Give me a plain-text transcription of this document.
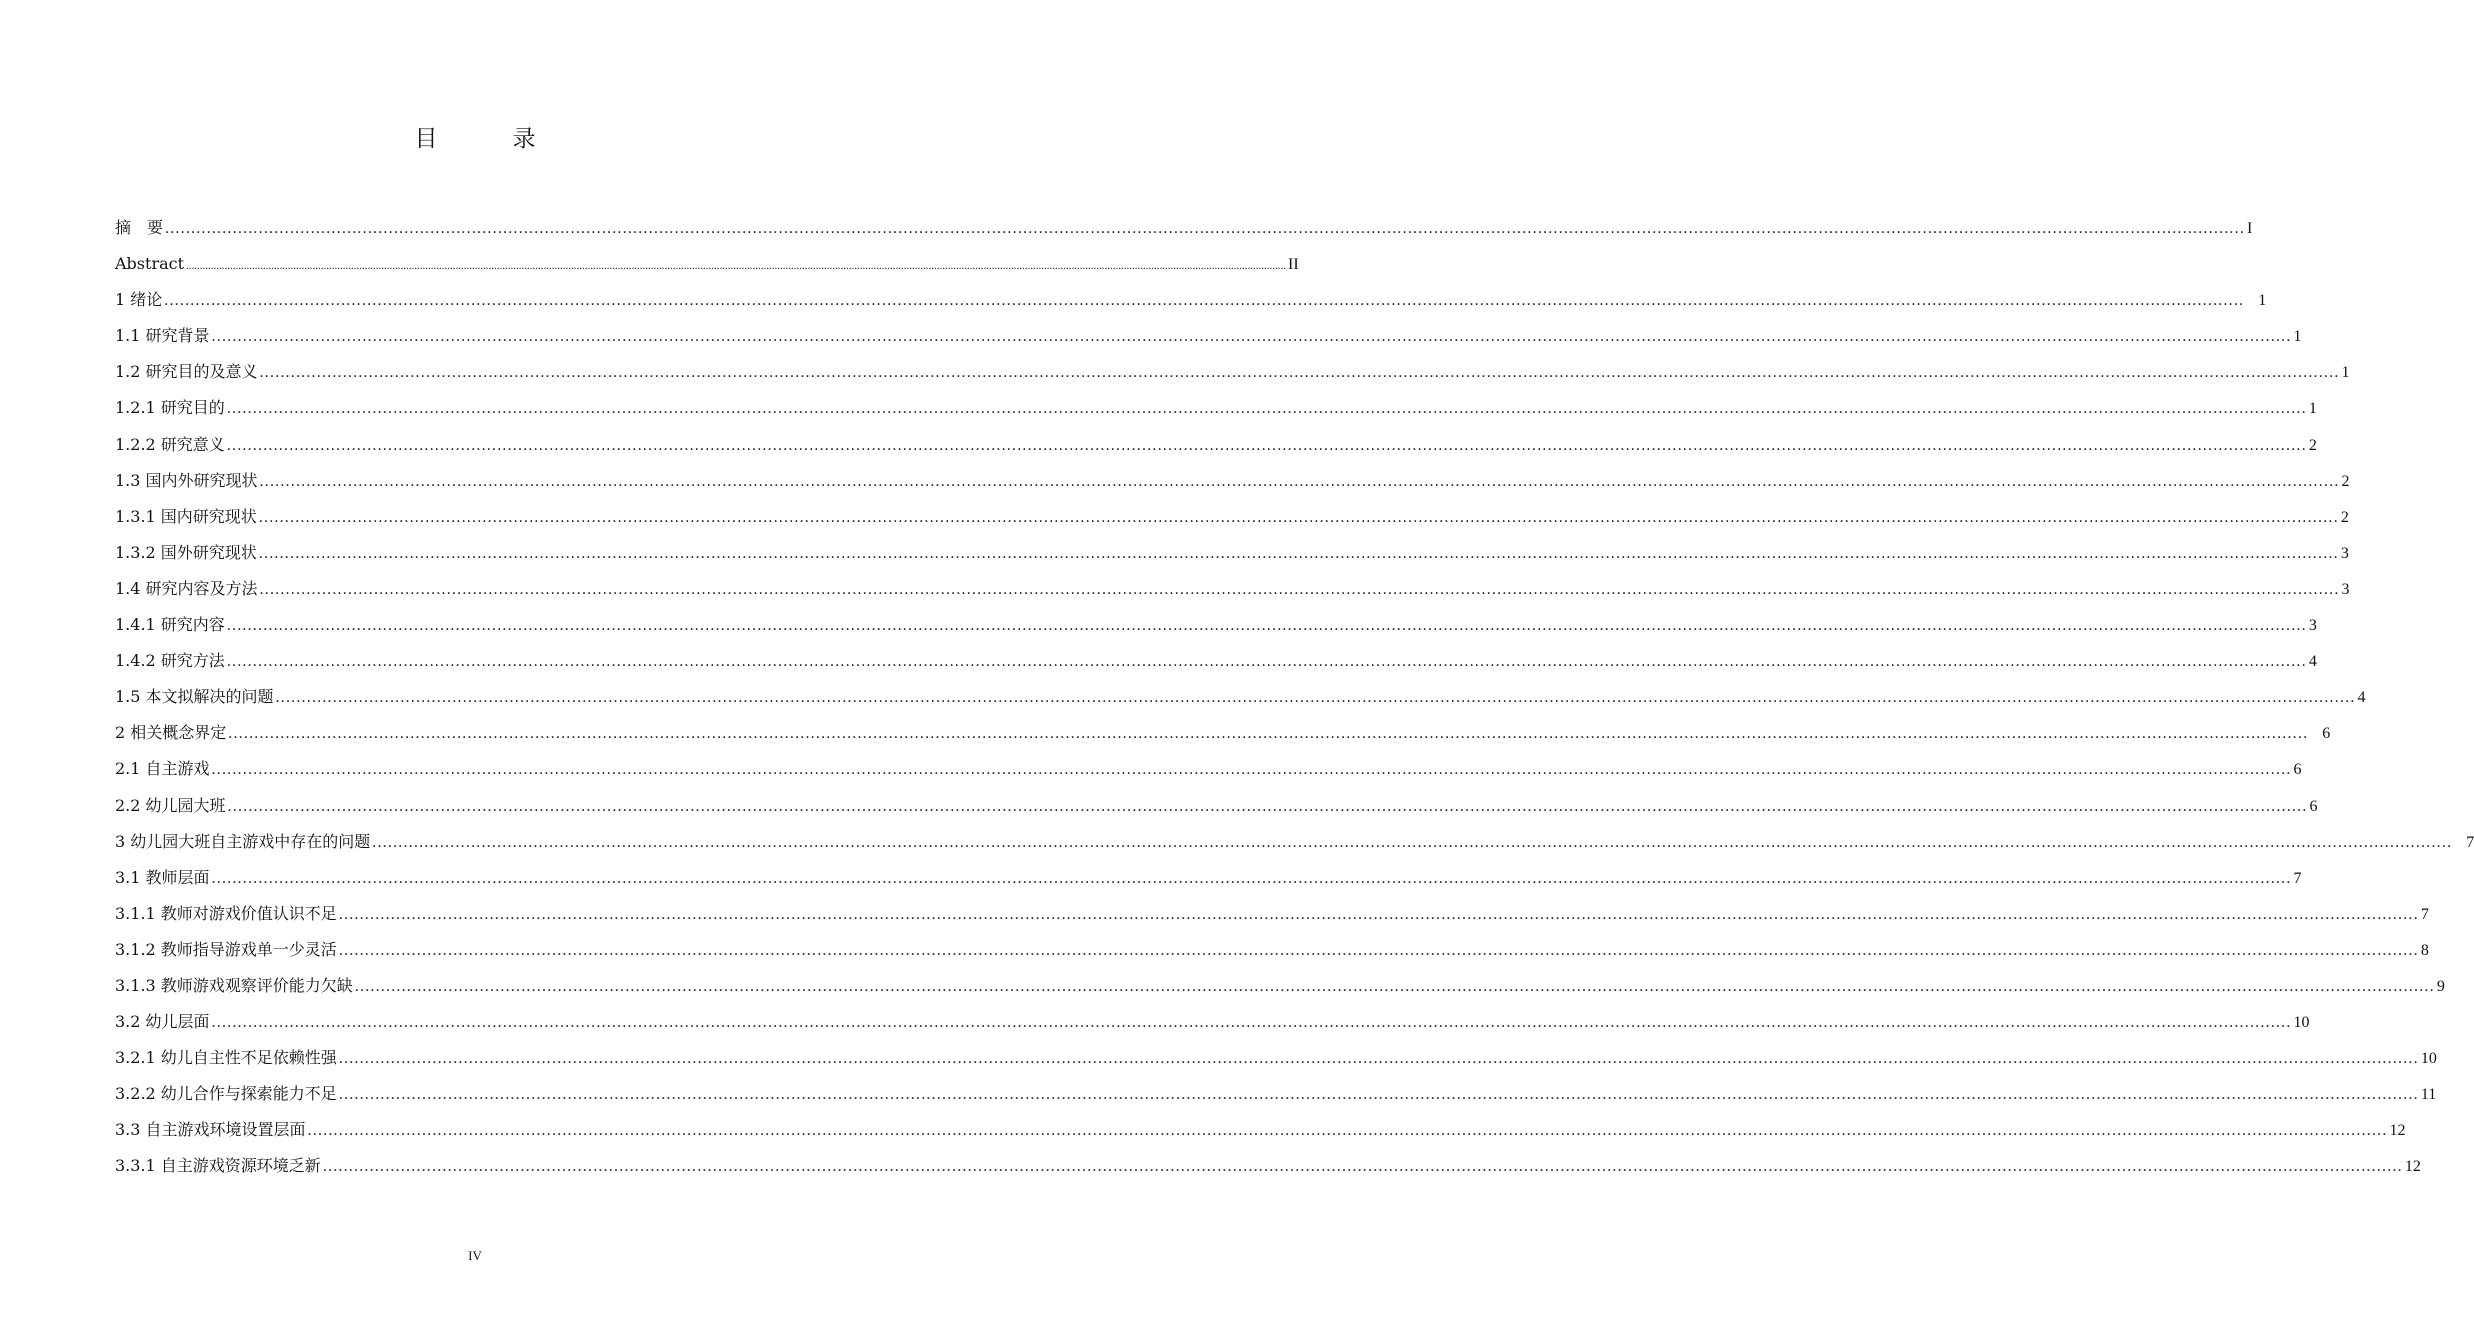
目　录
摘　要 ................................................................................................................................................................................................................................................................................................................................................................................................................ I
Abstract ................................................................................................................................................................................................................................................................................................................................................................................................................ II
1 绪论 ................................................................................................................................................................................................................................................................................................................................................................................................................ 1
1.1 研究背景 ................................................................................................................................................................................................................................................................................................................................................................................................................ 1
1.2 研究目的及意义 ................................................................................................................................................................................................................................................................................................................................................................................................................ 1
1.2.1 研究目的 ................................................................................................................................................................................................................................................................................................................................................................................................................ 1
1.2.2 研究意义 ................................................................................................................................................................................................................................................................................................................................................................................................................ 2
1.3 国内外研究现状 ................................................................................................................................................................................................................................................................................................................................................................................................................ 2
1.3.1 国内研究现状 ................................................................................................................................................................................................................................................................................................................................................................................................................ 2
1.3.2 国外研究现状 ................................................................................................................................................................................................................................................................................................................................................................................................................ 3
1.4 研究内容及方法 ................................................................................................................................................................................................................................................................................................................................................................................................................ 3
1.4.1 研究内容 ................................................................................................................................................................................................................................................................................................................................................................................................................ 3
1.4.2 研究方法 ................................................................................................................................................................................................................................................................................................................................................................................................................ 4
1.5 本文拟解决的问题 ................................................................................................................................................................................................................................................................................................................................................................................................................ 4
2 相关概念界定 ................................................................................................................................................................................................................................................................................................................................................................................................................ 6
2.1 自主游戏 ................................................................................................................................................................................................................................................................................................................................................................................................................ 6
2.2 幼儿园大班 ................................................................................................................................................................................................................................................................................................................................................................................................................ 6
3 幼儿园大班自主游戏中存在的问题 ................................................................................................................................................................................................................................................................................................................................................................................................................ 7
3.1 教师层面 ................................................................................................................................................................................................................................................................................................................................................................................................................ 7
3.1.1 教师对游戏价值认识不足 ................................................................................................................................................................................................................................................................................................................................................................................................................ 7
3.1.2 教师指导游戏单一少灵活 ................................................................................................................................................................................................................................................................................................................................................................................................................ 8
3.1.3 教师游戏观察评价能力欠缺 ................................................................................................................................................................................................................................................................................................................................................................................................................ 9
3.2 幼儿层面 ................................................................................................................................................................................................................................................................................................................................................................................................................ 10
3.2.1 幼儿自主性不足依赖性强 ................................................................................................................................................................................................................................................................................................................................................................................................................ 10
3.2.2 幼儿合作与探索能力不足 ................................................................................................................................................................................................................................................................................................................................................................................................................ 11
3.3 自主游戏环境设置层面 ................................................................................................................................................................................................................................................................................................................................................................................................................ 12
3.3.1 自主游戏资源环境乏新 ................................................................................................................................................................................................................................................................................................................................................................................................................ 12
IV
